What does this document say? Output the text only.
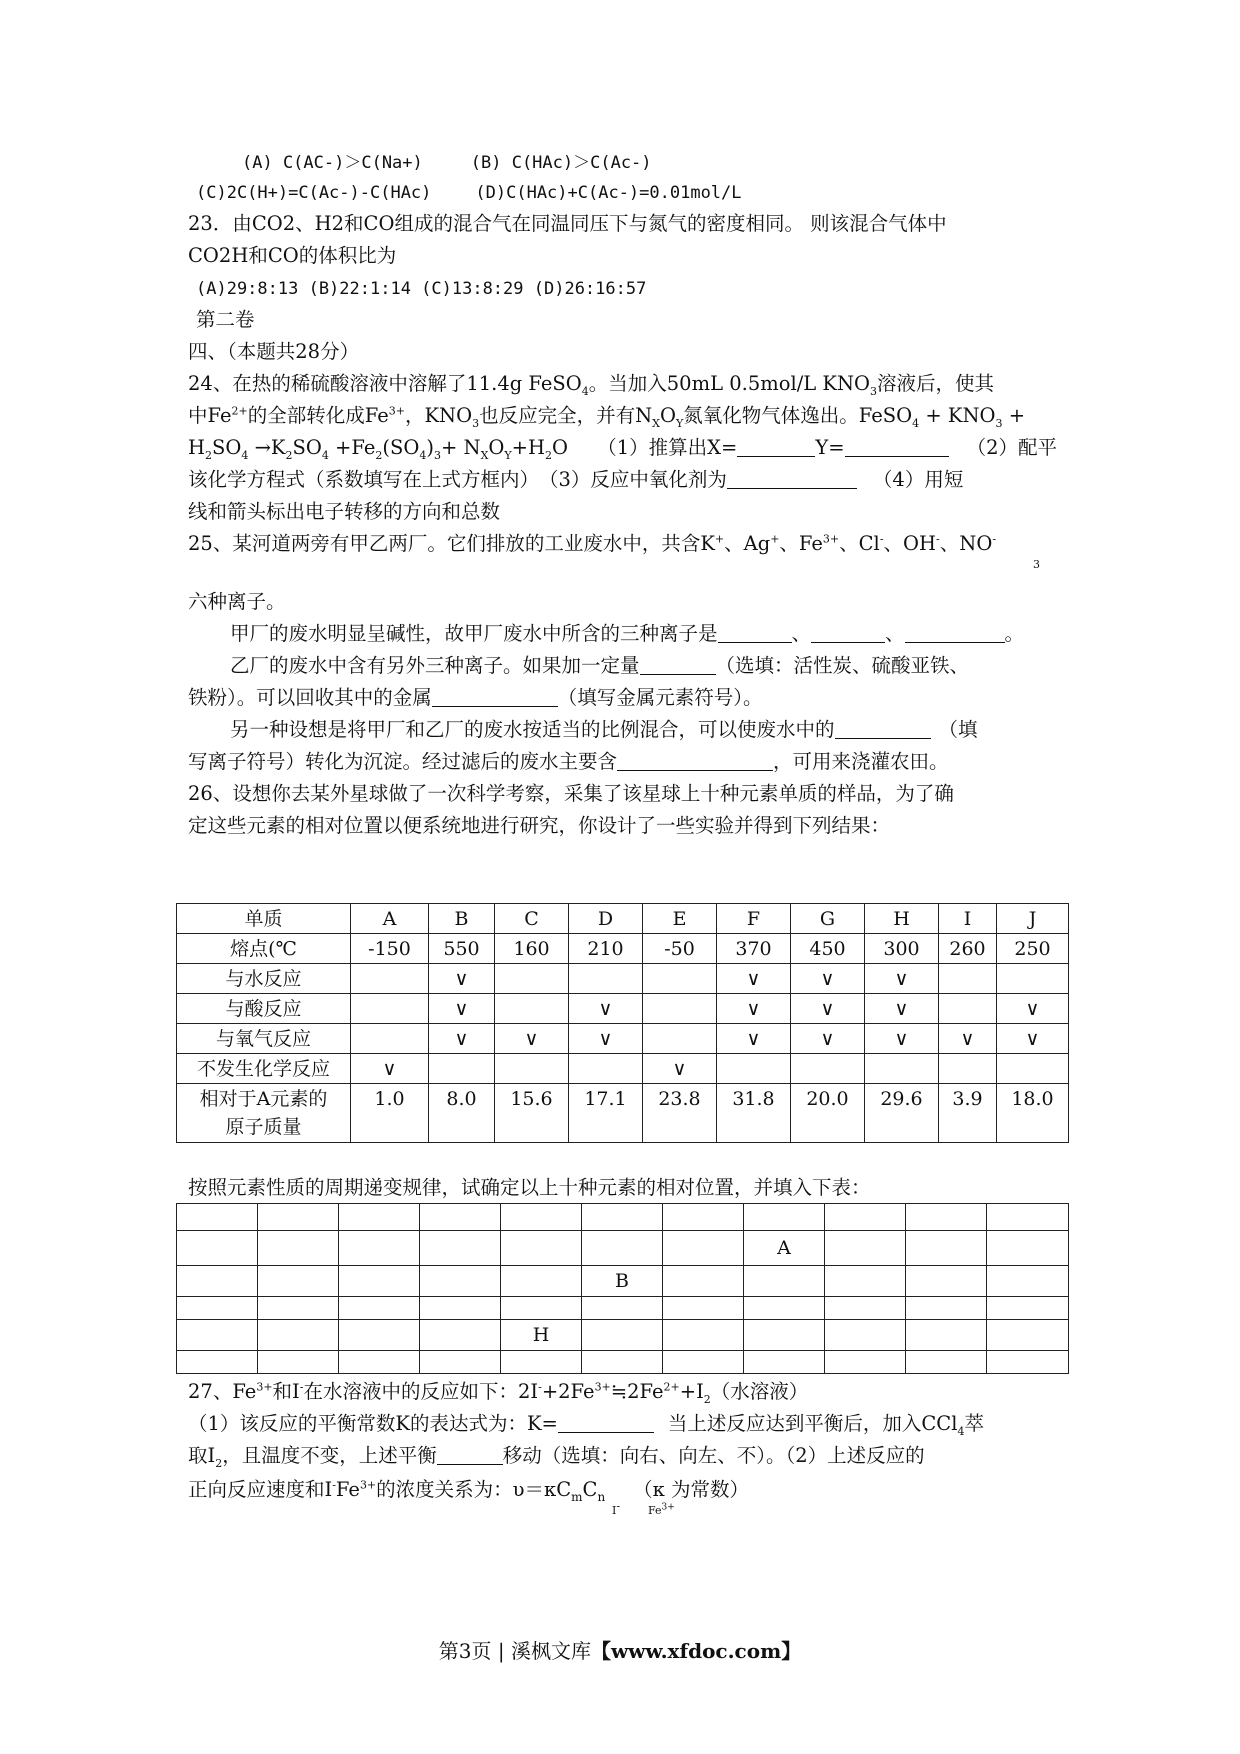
(A) C(AC-)＞C(Na+)	(B) C(HAc)＞C(Ac-)
(C)2C(H+)=C(Ac-)-C(HAc)	(D)C(HAc)+C(Ac-)=0.01mol/L
23．由CO2、H2和CO组成的混合气在同温同压下与氮气的密度相同。 则该混合气体中
CO2H和CO的体积比为
(A)29:8:13 (B)22:1:14 (C)13:8:29 (D)26:16:57
第二卷
四、（本题共28分）
24、在热的稀硫酸溶液中溶解了11.4g FeSO$_4$。当加入50mL 0.5mol/L $KNO_3$溶液后，使其
中$Fe^{2+}$的全部转化成$Fe^{3+}$，$KNO_3$也反应完全，并有$N_XO_Y$氮氧化物气体逸出。FeSO$_4$ + $KNO_3$ +
$H_2SO_4 \to K_2SO_4 +Fe_2(SO_4)_3+ N_XO_Y+H_2O$　　（1）推算出X=	Y=	（2）配平
该化学方程式（系数填写在上式方框内）　（3）反应中氧化剂为	（4）用短
线和箭头标出电子转移的方向和总数
25、某河道两旁有甲乙两厂。它们排放的工业废水中，共含K+、Ag+、$Fe^{3+}$、Cl-、OH-、NO-
3
六种离子。
甲厂的废水明显呈碱性，故甲厂废水中所含的三种离子是	、	、	。
乙厂的废水中含有另外三种离子。如果加一定量	（选填：活性炭、硫酸亚铁、
铁粉）。可以回收其中的金属	（填写金属元素符号）。
另一种设想是将甲厂和乙厂的废水按适当的比例混合，可以使废水中的	（填
写离子符号）转化为沉淀。经过滤后的废水主要含	，可用来浇灌农田。
26、设想你去某外星球做了一次科学考察，采集了该星球上十种元素单质的样品，为了确
定这些元素的相对位置以便系统地进行研究，你设计了一些实验并得到下列结果：
单质	A	B	C	D	E	F	G	H	I	J
熔点(℃	-150	550	160	210	-50	370	450	300	260	250
与水反应		∨				∨	∨	∨		
与酸反应		∨		∨		∨	∨	∨		∨
与氧气反应		∨	∨	∨		∨	∨	∨	∨	∨
不发生化学反应	∨				∨					

相对于A元素的
原子质量	1.0	8.0	15.6	17.1	23.8	31.8	20.0	29.6	3.9	18.0
按照元素性质的周期递变规律，试确定以上十种元素的相对位置，并填入下表：

							A			
					B					

				H						

27、$Fe^{3+}$和I-在水溶液中的反应如下：$2I^-+2Fe^{3+}≒2Fe^{2+}+I_2$（水溶液）
（1）该反应的平衡常数K的表达式为：K=	当上述反应达到平衡后，加入CCl$_4$萃
取$I_2$，且温度不变，上述平衡	移动（选填：向右、向左、不）。（2）上述反应的
正向反应速度和$I^-Fe^{3+}$的浓度关系为：$\upsilon=\kappa C_mC_n$ （κ 为常数）
I-	$Fe^{3+}$
第3页 | 溪枫文库【www.xfdoc.com】
